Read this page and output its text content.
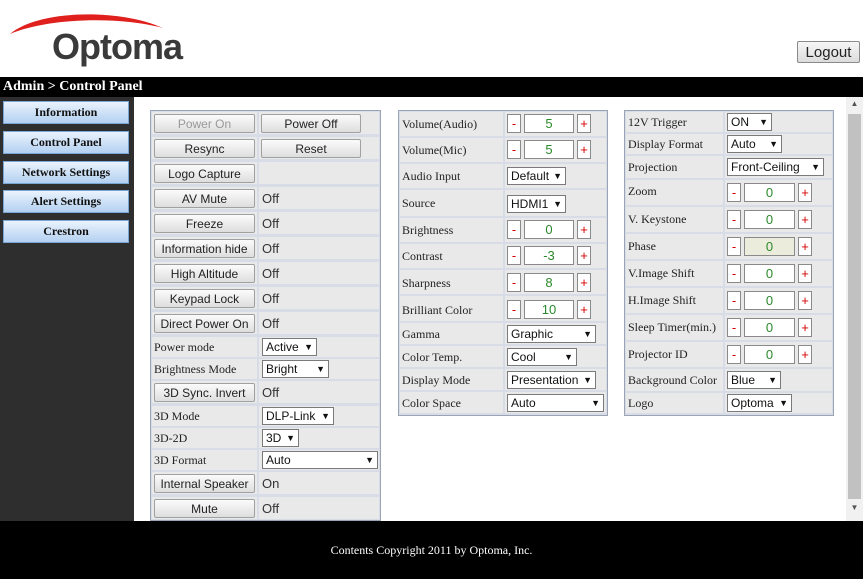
Optoma	Logout
Admin > Control Panel
Information
Control Panel
Network Settings
Alert Settings
Crestron
Power On	Power Off
Resync	Reset
Logo Capture
AV Mute	Off
Freeze	Off
Information hide	Off
High Altitude	Off
Keypad Lock	Off
Direct Power On	Off
Power mode	Active ▼
Brightness Mode	Bright ▼
3D Sync. Invert	Off
3D Mode	DLP-Link ▼
3D-2D	3D ▼
3D Format	Auto ▼
Internal Speaker	On
Mute	Off
Volume(Audio)	-	5	+
Volume(Mic)	-	5	+
Audio Input	Default ▼
Source	HDMI1 ▼
Brightness	-	0	+
Contrast	-	-3	+
Sharpness	-	8	+
Brilliant Color	-	10	+
Gamma	Graphic ▼
Color Temp.	Cool ▼
Display Mode	Presentation ▼
Color Space	Auto ▼
12V Trigger	ON ▼
Display Format	Auto ▼
Projection	Front-Ceiling ▼
Zoom	-	0	+
V. Keystone	-	0	+
Phase	-	0	+
V.Image Shift	-	0	+
H.Image Shift	-	0	+
Sleep Timer(min.)	-	0	+
Projector ID	-	0	+
Background Color	Blue ▼
Logo	Optoma ▼
▲
▼
Contents Copyright 2011 by Optoma, Inc.
